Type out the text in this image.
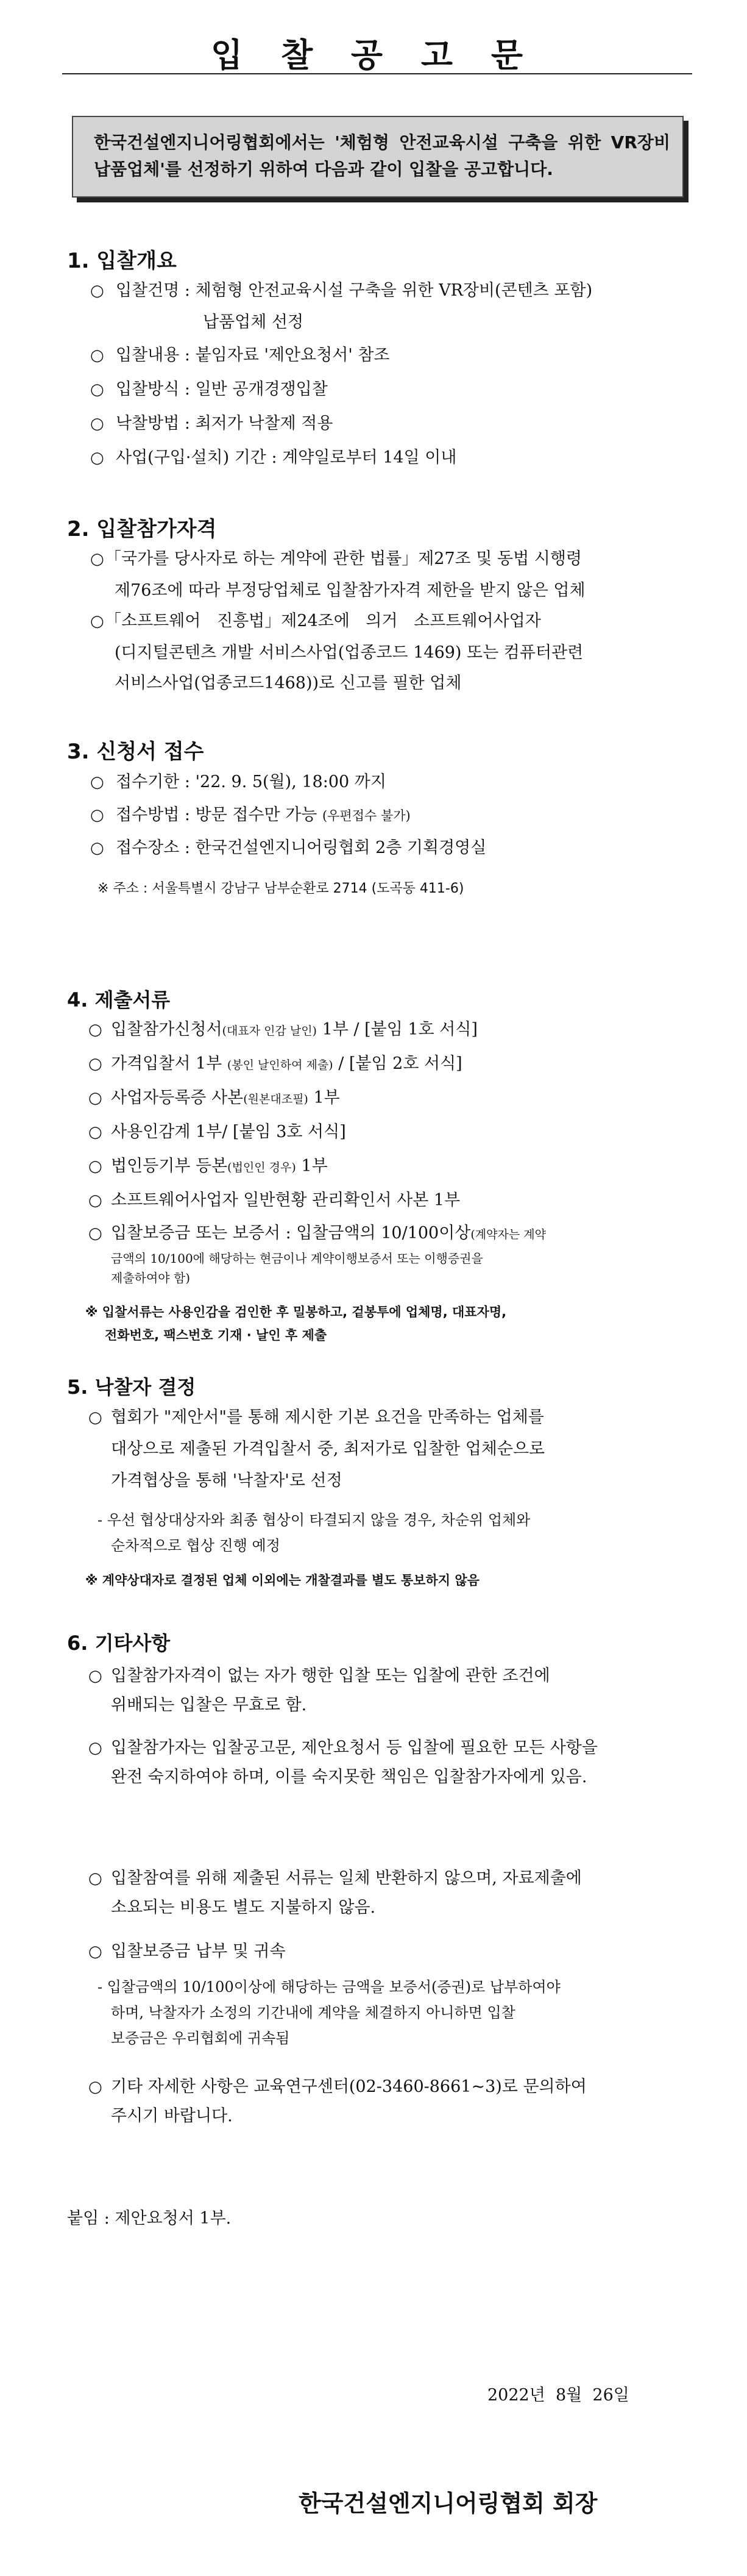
입 찰 공 고 문
한국건설엔지니어링협회에서는 '체험형 안전교육시설 구축을 위한 VR장비 납품업체'를 선정하기 위하여 다음과 같이 입찰을 공고합니다.
1. 입찰개요
○ 입찰건명 : 체험형 안전교육시설 구축을 위한 VR장비(콘텐츠 포함)
납품업체 선정
○ 입찰내용 : 붙임자료 '제안요청서' 참조
○ 입찰방식 : 일반 공개경쟁입찰
○ 낙찰방법 : 최저가 낙찰제 적용
○ 사업(구입·설치) 기간 : 계약일로부터 14일 이내
2. 입찰참가자격
○ 「국가를 당사자로 하는 계약에 관한 법률」제27조 및 동법 시행령
제76조에 따라 부정당업체로 입찰참가자격 제한을 받지 않은 업체
○ 「소프트웨어 진흥법」제24조에 의거 소프트웨어사업자
(디지털콘텐츠 개발 서비스사업(업종코드 1469) 또는 컴퓨터관련
서비스사업(업종코드1468))로 신고를 필한 업체
3. 신청서 접수
○ 접수기한 : '22. 9. 5(월), 18:00 까지
○ 접수방법 : 방문 접수만 가능 (우편접수 불가)
○ 접수장소 : 한국건설엔지니어링협회 2층 기획경영실
※ 주소 : 서울특별시 강남구 남부순환로 2714 (도곡동 411-6)
4. 제출서류
○ 입찰참가신청서(대표자 인감 날인) 1부 / [붙임 1호 서식]
○ 가격입찰서 1부 (봉인 날인하여 제출) / [붙임 2호 서식]
○ 사업자등록증 사본(원본대조필) 1부
○ 사용인감계 1부/ [붙임 3호 서식]
○ 법인등기부 등본(법인인 경우) 1부
○ 소프트웨어사업자 일반현황 관리확인서 사본 1부
○ 입찰보증금 또는 보증서 : 입찰금액의 10/100이상(계약자는 계약
금액의 10/100에 해당하는 현금이나 계약이행보증서 또는 이행증권을
제출하여야 함)
※ 입찰서류는 사용인감을 검인한 후 밀봉하고, 겉봉투에 업체명, 대표자명,
전화번호, 팩스번호 기재 · 날인 후 제출
5. 낙찰자 결정
○ 협회가 "제안서"를 통해 제시한 기본 요건을 만족하는 업체를
대상으로 제출된 가격입찰서 중, 최저가로 입찰한 업체순으로
가격협상을 통해 '낙찰자'로 선정
- 우선 협상대상자와 최종 협상이 타결되지 않을 경우, 차순위 업체와
순차적으로 협상 진행 예정
※ 계약상대자로 결정된 업체 이외에는 개찰결과를 별도 통보하지 않음
6. 기타사항
○ 입찰참가자격이 없는 자가 행한 입찰 또는 입찰에 관한 조건에
위배되는 입찰은 무효로 함.
○ 입찰참가자는 입찰공고문, 제안요청서 등 입찰에 필요한 모든 사항을
완전 숙지하여야 하며, 이를 숙지못한 책임은 입찰참가자에게 있음.
○ 입찰참여를 위해 제출된 서류는 일체 반환하지 않으며, 자료제출에
소요되는 비용도 별도 지불하지 않음.
○ 입찰보증금 납부 및 귀속
- 입찰금액의 10/100이상에 해당하는 금액을 보증서(증권)로 납부하여야
하며, 낙찰자가 소정의 기간내에 계약을 체결하지 아니하면 입찰
보증금은 우리협회에 귀속됨
○ 기타 자세한 사항은 교육연구센터(02-3460-8661~3)로 문의하여
주시기 바랍니다.
붙임 : 제안요청서 1부.
2022년  8월  26일
한국건설엔지니어링협회 회장
